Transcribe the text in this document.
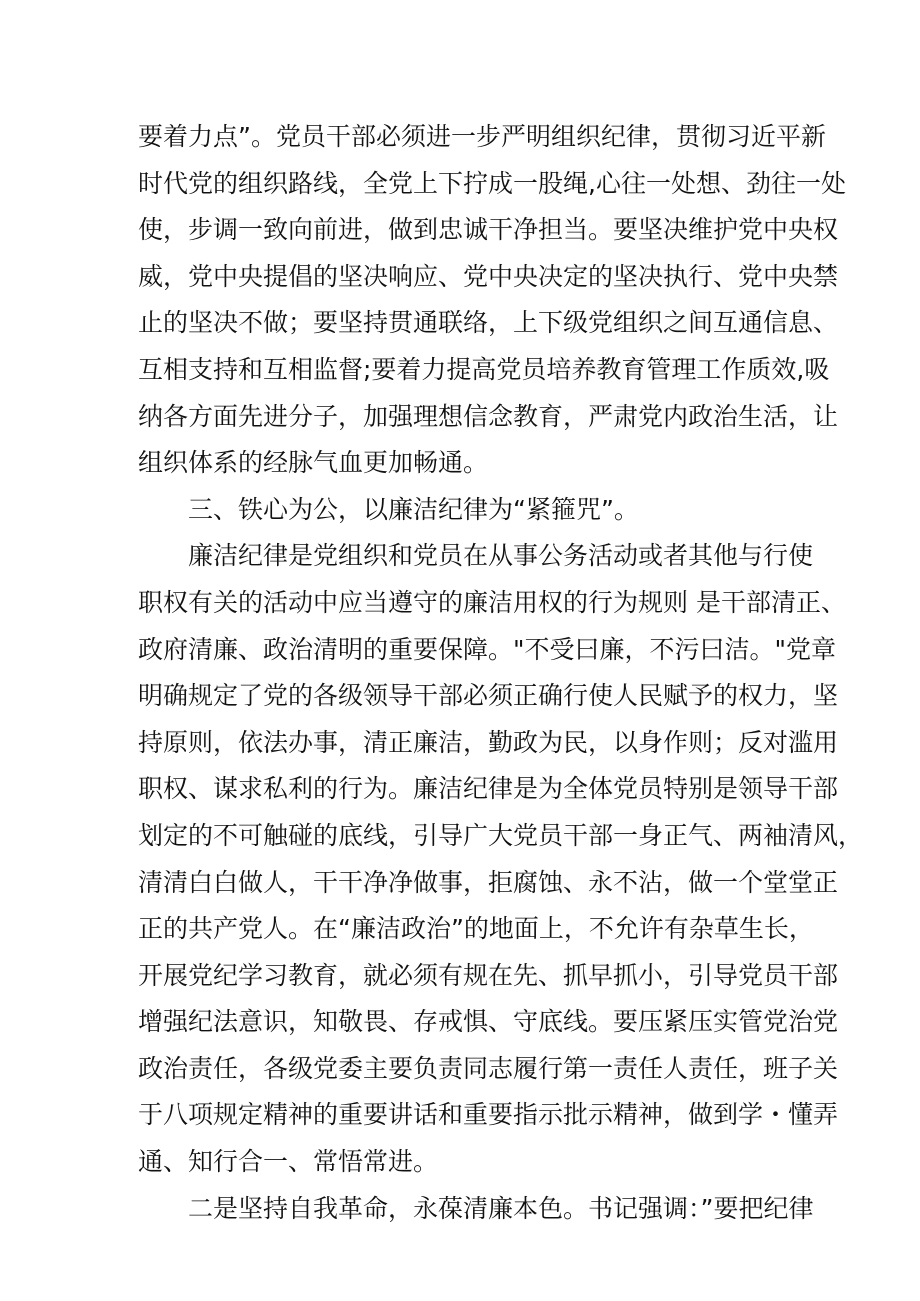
要着力点”。党员干部必须进一步严明组织纪律，贯彻习近平新
时代党的组织路线，全党上下拧成一股绳,心往一处想、劲往一处
使，步调一致向前进，做到忠诚干净担当。要坚决维护党中央权
威，党中央提倡的坚决响应、党中央决定的坚决执行、党中央禁
止的坚决不做；要坚持贯通联络，上下级党组织之间互通信息、
互相支持和互相监督;要着力提高党员培养教育管理工作质效,吸
纳各方面先进分子，加强理想信念教育，严肃党内政治生活，让
组织体系的经脉气血更加畅通。
三、铁心为公，以廉洁纪律为“紧箍咒”。
廉洁纪律是党组织和党员在从事公务活动或者其他与行使
职权有关的活动中应当遵守的廉洁用权的行为规则 是干部清正、
政府清廉、政治清明的重要保障。"不受曰廉，不污曰洁。"党章
明确规定了党的各级领导干部必须正确行使人民赋予的权力，坚
持原则，依法办事，清正廉洁，勤政为民，以身作则；反对滥用
职权、谋求私利的行为。廉洁纪律是为全体党员特别是领导干部
划定的不可触碰的底线，引导广大党员干部一身正气、两袖清风，
清清白白做人，干干净净做事，拒腐蚀、永不沾，做一个堂堂正
正的共产党人。在“廉洁政治”的地面上，不允许有杂草生长，
开展党纪学习教育，就必须有规在先、抓早抓小，引导党员干部
增强纪法意识，知敬畏、存戒惧、守底线。要压紧压实管党治党
政治责任，各级党委主要负责同志履行第一责任人责任，班子关
于八项规定精神的重要讲话和重要指示批示精神，做到学・懂弄
通、知行合一、常悟常进。
二是坚持自我革命，永葆清廉本色。书记强调：”要把纪律
